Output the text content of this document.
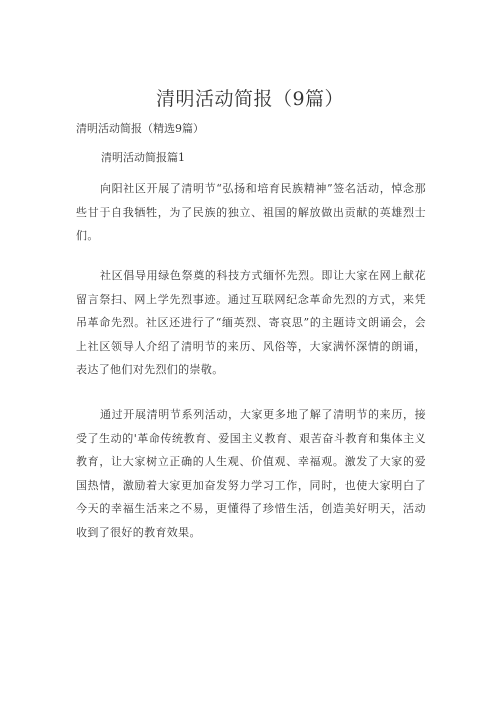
清明活动简报（9篇）
清明活动简报（精选9篇）
清明活动简报篇1

向阳社区开展了清明节“弘扬和培育民族精神”签名活动，悼念那些甘于自我牺牲，为了民族的独立、祖国的解放做出贡献的英雄烈士们。

社区倡导用绿色祭奠的科技方式缅怀先烈。即让大家在网上献花留言祭扫、网上学先烈事迹。通过互联网纪念革命先烈的方式，来凭吊革命先烈。社区还进行了“缅英烈、寄哀思”的主题诗文朗诵会，会上社区领导人介绍了清明节的来历、风俗等，大家满怀深情的朗诵，表达了他们对先烈们的崇敬。

通过开展清明节系列活动，大家更多地了解了清明节的来历，接受了生动的'革命传统教育、爱国主义教育、艰苦奋斗教育和集体主义教育，让大家树立正确的人生观、价值观、幸福观。激发了大家的爱国热情，激励着大家更加奋发努力学习工作，同时，也使大家明白了今天的幸福生活来之不易，更懂得了珍惜生活，创造美好明天，活动收到了很好的教育效果。
